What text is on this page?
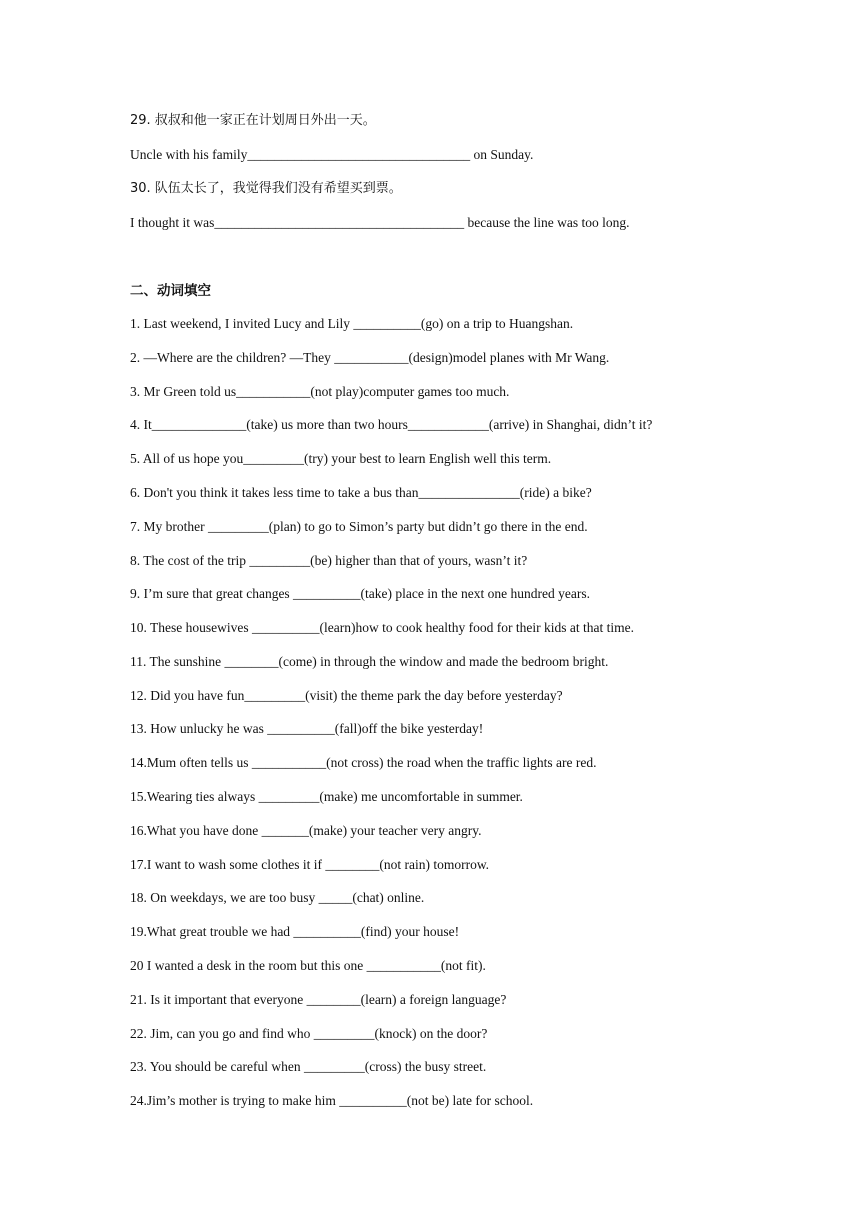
29. 叔叔和他一家正在计划周日外出一天。
Uncle with his family_________________________________ on Sunday.
30. 队伍太长了，我觉得我们没有希望买到票。
I thought it was_____________________________________ because the line was too long.
二、动词填空
1. Last weekend, I invited Lucy and Lily __________(go) on a trip to Huangshan.
2. —Where are the children? —They ___________(design)model planes with Mr Wang.
3. Mr Green told us___________(not play)computer games too much.
4. It______________(take) us more than two hours____________(arrive) in Shanghai, didn’t it?
5. All of us hope you_________(try) your best to learn English well this term.
6. Don't you think it takes less time to take a bus than_______________(ride) a bike?
7. My brother _________(plan) to go to Simon’s party but didn’t go there in the end.
8. The cost of the trip _________(be) higher than that of yours, wasn’t it?
9. I’m sure that great changes __________(take) place in the next one hundred years.
10. These housewives __________(learn)how to cook healthy food for their kids at that time.
11. The sunshine ________(come) in through the window and made the bedroom bright.
12. Did you have fun_________(visit) the theme park the day before yesterday?
13. How unlucky he was __________(fall)off the bike yesterday!
14.Mum often tells us ___________(not cross) the road when the traffic lights are red.
15.Wearing ties always _________(make) me uncomfortable in summer.
16.What you have done _______(make) your teacher very angry.
17.I want to wash some clothes it if ________(not rain) tomorrow.
18. On weekdays, we are too busy _____(chat) online.
19.What great trouble we had __________(find) your house!
20 I wanted a desk in the room but this one ___________(not fit).
21. Is it important that everyone ________(learn) a foreign language?
22. Jim, can you go and find who _________(knock) on the door?
23. You should be careful when _________(cross) the busy street.
24.Jim’s mother is trying to make him __________(not be) late for school.
